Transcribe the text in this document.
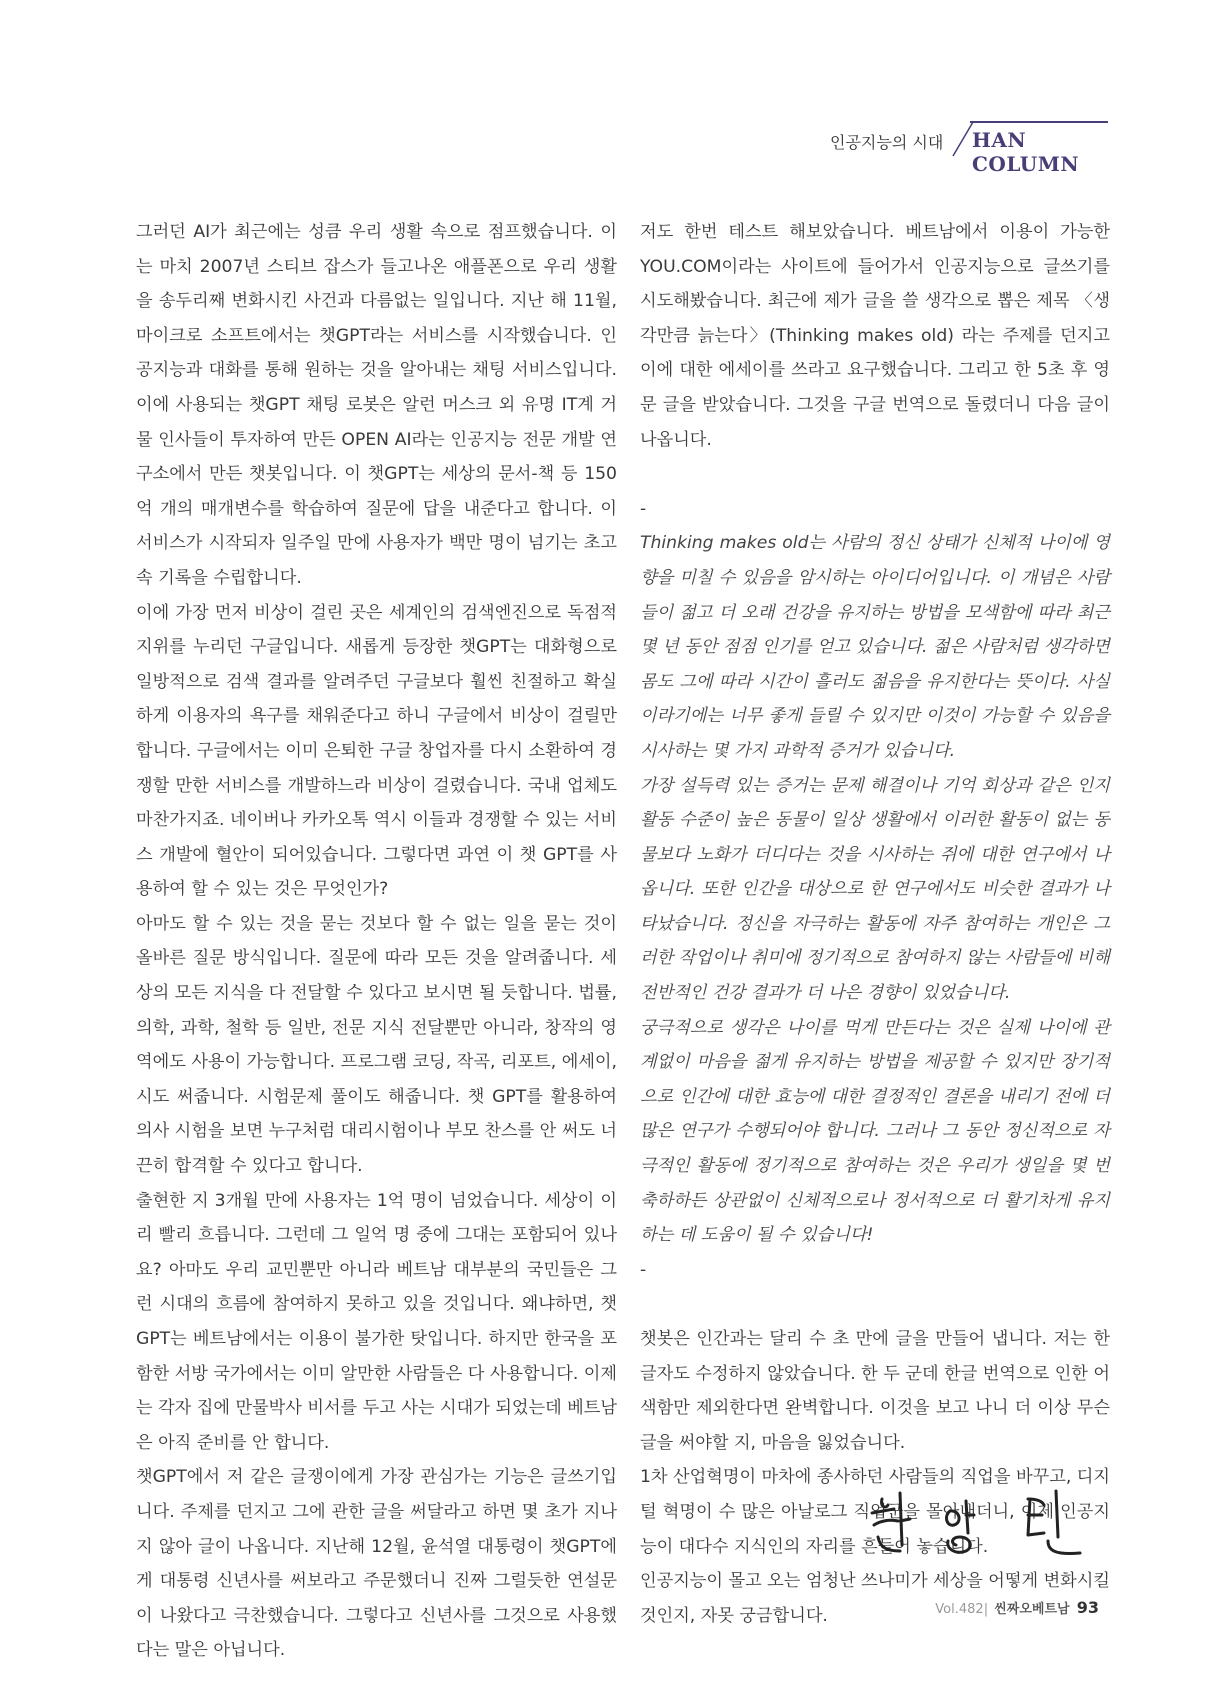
인공지능의 시대 HAN COLUMN

그러던 AI가 최근에는 성큼 우리 생활 속으로 점프했습니다. 이는 마치 2007년 스티브 잡스가 들고나온 애플폰으로 우리 생활을 송두리째 변화시킨 사건과 다름없는 일입니다. 지난 해 11월, 마이크로 소프트에서는 챗GPT라는 서비스를 시작했습니다. 인공지능과 대화를 통해 원하는 것을 알아내는 채팅 서비스입니다. 이에 사용되는 챗GPT 채팅 로봇은 알런 머스크 외 유명 IT계 거물 인사들이 투자하여 만든 OPEN AI라는 인공지능 전문 개발 연구소에서 만든 챗봇입니다. 이 챗GPT는 세상의 문서-책 등 150억 개의 매개변수를 학습하여 질문에 답을 내준다고 합니다. 이 서비스가 시작되자 일주일 만에 사용자가 백만 명이 넘기는 초고속 기록을 수립합니다.

이에 가장 먼저 비상이 걸린 곳은 세계인의 검색엔진으로 독점적 지위를 누리던 구글입니다. 새롭게 등장한 챗GPT는 대화형으로 일방적으로 검색 결과를 알려주던 구글보다 훨씬 친절하고 확실하게 이용자의 욕구를 채워준다고 하니 구글에서 비상이 걸릴만합니다. 구글에서는 이미 은퇴한 구글 창업자를 다시 소환하여 경쟁할 만한 서비스를 개발하느라 비상이 걸렸습니다. 국내 업체도 마찬가지죠. 네이버나 카카오톡 역시 이들과 경쟁할 수 있는 서비스 개발에 혈안이 되어있습니다. 그렇다면 과연 이 챗 GPT를 사용하여 할 수 있는 것은 무엇인가?

아마도 할 수 있는 것을 묻는 것보다 할 수 없는 일을 묻는 것이 올바른 질문 방식입니다. 질문에 따라 모든 것을 알려줍니다. 세상의 모든 지식을 다 전달할 수 있다고 보시면 될 듯합니다. 법률, 의학, 과학, 철학 등 일반, 전문 지식 전달뿐만 아니라, 창작의 영역에도 사용이 가능합니다. 프로그램 코딩, 작곡, 리포트, 에세이, 시도 써줍니다. 시험문제 풀이도 해줍니다. 챗 GPT를 활용하여 의사 시험을 보면 누구처럼 대리시험이나 부모 찬스를 안 써도 너끈히 합격할 수 있다고 합니다.

출현한 지 3개월 만에 사용자는 1억 명이 넘었습니다. 세상이 이리 빨리 흐릅니다. 그런데 그 일억 명 중에 그대는 포함되어 있나요? 아마도 우리 교민뿐만 아니라 베트남 대부분의 국민들은 그런 시대의 흐름에 참여하지 못하고 있을 것입니다. 왜냐하면, 챗GPT는 베트남에서는 이용이 불가한 탓입니다. 하지만 한국을 포함한 서방 국가에서는 이미 알만한 사람들은 다 사용합니다. 이제는 각자 집에 만물박사 비서를 두고 사는 시대가 되었는데 베트남은 아직 준비를 안 합니다.

챗GPT에서 저 같은 글쟁이에게 가장 관심가는 기능은 글쓰기입니다. 주제를 던지고 그에 관한 글을 써달라고 하면 몇 초가 지나지 않아 글이 나옵니다. 지난해 12월, 윤석열 대통령이 챗GPT에게 대통령 신년사를 써보라고 주문했더니 진짜 그럴듯한 연설문이 나왔다고 극찬했습니다. 그렇다고 신년사를 그것으로 사용했다는 말은 아닙니다.

저도 한번 테스트 해보았습니다. 베트남에서 이용이 가능한 YOU.COM이라는 사이트에 들어가서 인공지능으로 글쓰기를 시도해봤습니다. 최근에 제가 글을 쓸 생각으로 뽑은 제목 〈생각만큼 늙는다〉(Thinking makes old) 라는 주제를 던지고 이에 대한 에세이를 쓰라고 요구했습니다. 그리고 한 5초 후 영문 글을 받았습니다. 그것을 구글 번역으로 돌렸더니 다음 글이 나옵니다.

-

Thinking makes old는 사람의 정신 상태가 신체적 나이에 영향을 미칠 수 있음을 암시하는 아이디어입니다. 이 개념은 사람들이 젊고 더 오래 건강을 유지하는 방법을 모색함에 따라 최근 몇 년 동안 점점 인기를 얻고 있습니다. 젊은 사람처럼 생각하면 몸도 그에 따라 시간이 흘러도 젊음을 유지한다는 뜻이다. 사실이라기에는 너무 좋게 들릴 수 있지만 이것이 가능할 수 있음을 시사하는 몇 가지 과학적 증거가 있습니다.

가장 설득력 있는 증거는 문제 해결이나 기억 회상과 같은 인지 활동 수준이 높은 동물이 일상 생활에서 이러한 활동이 없는 동물보다 노화가 더디다는 것을 시사하는 쥐에 대한 연구에서 나옵니다. 또한 인간을 대상으로 한 연구에서도 비슷한 결과가 나타났습니다. 정신을 자극하는 활동에 자주 참여하는 개인은 그러한 작업이나 취미에 정기적으로 참여하지 않는 사람들에 비해 전반적인 건강 결과가 더 나은 경향이 있었습니다.

궁극적으로 생각은 나이를 먹게 만든다는 것은 실제 나이에 관계없이 마음을 젊게 유지하는 방법을 제공할 수 있지만 장기적으로 인간에 대한 효능에 대한 결정적인 결론을 내리기 전에 더 많은 연구가 수행되어야 합니다. 그러나 그 동안 정신적으로 자극적인 활동에 정기적으로 참여하는 것은 우리가 생일을 몇 번 축하하든 상관없이 신체적으로나 정서적으로 더 활기차게 유지하는 데 도움이 될 수 있습니다!

-

챗봇은 인간과는 달리 수 초 만에 글을 만들어 냅니다. 저는 한 글자도 수정하지 않았습니다. 한 두 군데 한글 번역으로 인한 어색함만 제외한다면 완벽합니다. 이것을 보고 나니 더 이상 무슨 글을 써야할 지, 마음을 잃었습니다.

1차 산업혁명이 마차에 종사하던 사람들의 직업을 바꾸고, 디지털 혁명이 수 많은 아날로그 직업군을 몰아내더니, 이제 인공지능이 대다수 지식인의 자리를 흔들어 놓습니다.

인공지능이 몰고 오는 엄청난 쓰나미가 세상을 어떻게 변화시킬 것인지, 자못 궁금합니다.	Vol.482| 씬짜오베트남 93
